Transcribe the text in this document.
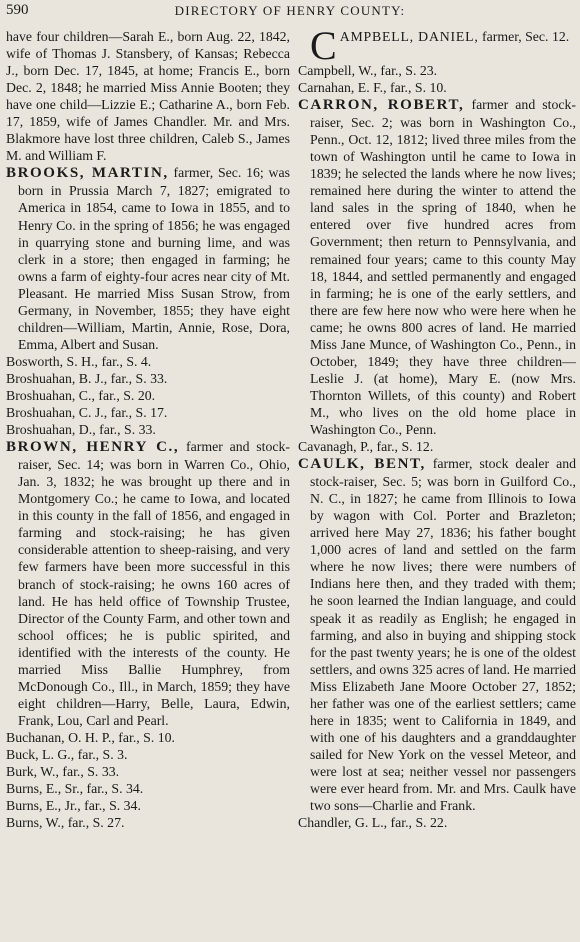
590	DIRECTORY OF HENRY COUNTY:

have four children—Sarah E., born Aug. 22, 1842, wife of Thomas J. Stansbery, of Kansas; Rebecca J., born Dec. 17, 1845, at home; Francis E., born Dec. 2, 1848; he married Miss Annie Booten; they have one child—Lizzie E.; Catharine A., born Feb. 17, 1859, wife of James Chandler. Mr. and Mrs. Blakmore have lost three children, Caleb S., James M. and William F.

BROOKS, MARTIN, farmer, Sec. 16; was born in Prussia March 7, 1827; emigrated to America in 1854, came to Iowa in 1855, and to Henry Co. in the spring of 1856; he was engaged in quarrying stone and burning lime, and was clerk in a store; then engaged in farming; he owns a farm of eighty-four acres near city of Mt. Pleasant. He married Miss Susan Strow, from Germany, in November, 1855; they have eight children—William, Martin, Annie, Rose, Dora, Emma, Albert and Susan.

Bosworth, S. H., far., S. 4.

Broshuahan, B. J., far., S. 33.

Broshuahan, C., far., S. 20.

Broshuahan, C. J., far., S. 17.

Broshuahan, D., far., S. 33.

BROWN, HENRY C., farmer and stock-raiser, Sec. 14; was born in Warren Co., Ohio, Jan. 3, 1832; he was brought up there and in Montgomery Co.; he came to Iowa, and located in this county in the fall of 1856, and engaged in farming and stock-raising; he has given considerable attention to sheep-raising, and very few farmers have been more successful in this branch of stock-raising; he owns 160 acres of land. He has held office of Township Trustee, Director of the County Farm, and other town and school offices; he is public spirited, and identified with the interests of the county. He married Miss Ballie Humphrey, from McDonough Co., Ill., in March, 1859; they have eight children—Harry, Belle, Laura, Edwin, Frank, Lou, Carl and Pearl.

Buchanan, O. H. P., far., S. 10.

Buck, L. G., far., S. 3.

Burk, W., far., S. 33.

Burns, E., Sr., far., S. 34.

Burns, E., Jr., far., S. 34.

Burns, W., far., S. 27.

CAMPBELL, DANIEL, farmer, Sec. 12.

Campbell, W., far., S. 23.

Carnahan, E. F., far., S. 10.

CARRON, ROBERT, farmer and stock-raiser, Sec. 2; was born in Washington Co., Penn., Oct. 12, 1812; lived three miles from the town of Washington until he came to Iowa in 1839; he selected the lands where he now lives; remained here during the winter to attend the land sales in the spring of 1840, when he entered over five hundred acres from Government; then return to Pennsylvania, and remained four years; came to this county May 18, 1844, and settled permanently and engaged in farming; he is one of the early settlers, and there are few here now who were here when he came; he owns 800 acres of land. He married Miss Jane Munce, of Washington Co., Penn., in October, 1849; they have three children—Leslie J. (at home), Mary E. (now Mrs. Thornton Willets, of this county) and Robert M., who lives on the old home place in Washington Co., Penn.

Cavanagh, P., far., S. 12.

CAULK, BENT, farmer, stock dealer and stock-raiser, Sec. 5; was born in Guilford Co., N. C., in 1827; he came from Illinois to Iowa by wagon with Col. Porter and Brazleton; arrived here May 27, 1836; his father bought 1,000 acres of land and settled on the farm where he now lives; there were numbers of Indians here then, and they traded with them; he soon learned the Indian language, and could speak it as readily as English; he engaged in farming, and also in buying and shipping stock for the past twenty years; he is one of the oldest settlers, and owns 325 acres of land. He married Miss Elizabeth Jane Moore October 27, 1852; her father was one of the earliest settlers; came here in 1835; went to California in 1849, and with one of his daughters and a granddaughter sailed for New York on the vessel Meteor, and were lost at sea; neither vessel nor passengers were ever heard from. Mr. and Mrs. Caulk have two sons—Charlie and Frank.

Chandler, G. L., far., S. 22.
